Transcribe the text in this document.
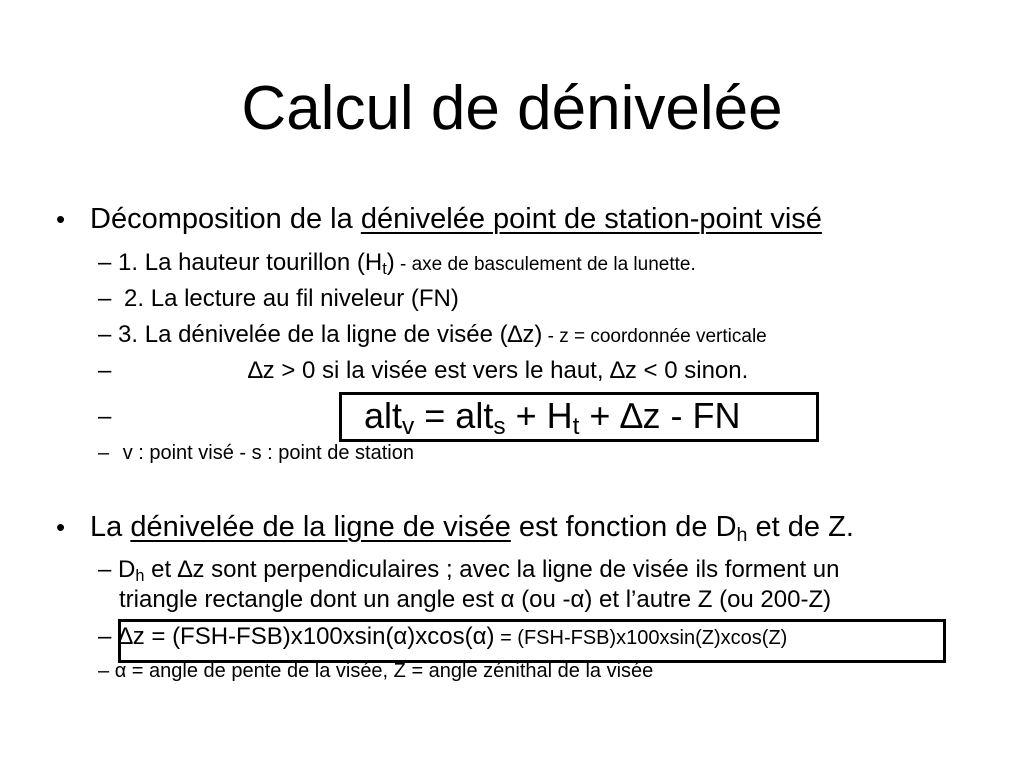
Calcul de dénivelée
• Décomposition de la dénivelée point de station-point visé
– 1. La hauteur tourillon $(H_t)$ - axe de basculement de la lunette.
– 2. La lecture au fil niveleur (FN)
– 3. La dénivelée de la ligne de visée (∆z) - z = coordonnée verticale
–	∆z > 0 si la visée est vers le haut, ∆z < 0 sinon.
–	$alt_v = alt_s + H_t + \Delta z$ - FN
– v : point visé - s : point de station
• La dénivelée de la ligne de visée est fonction de $D_h$ et de Z.
– $D_h$ et ∆z sont perpendiculaires ; avec la ligne de visée ils forment un
triangle rectangle dont un angle est α (ou -α) et l’autre Z (ou 200-Z)
– ∆z = (FSH-FSB)x100xsin(α)xcos(α) = (FSH-FSB)x100xsin(Z)xcos(Z)
– α = angle de pente de la visée, Z = angle zénithal de la visée
